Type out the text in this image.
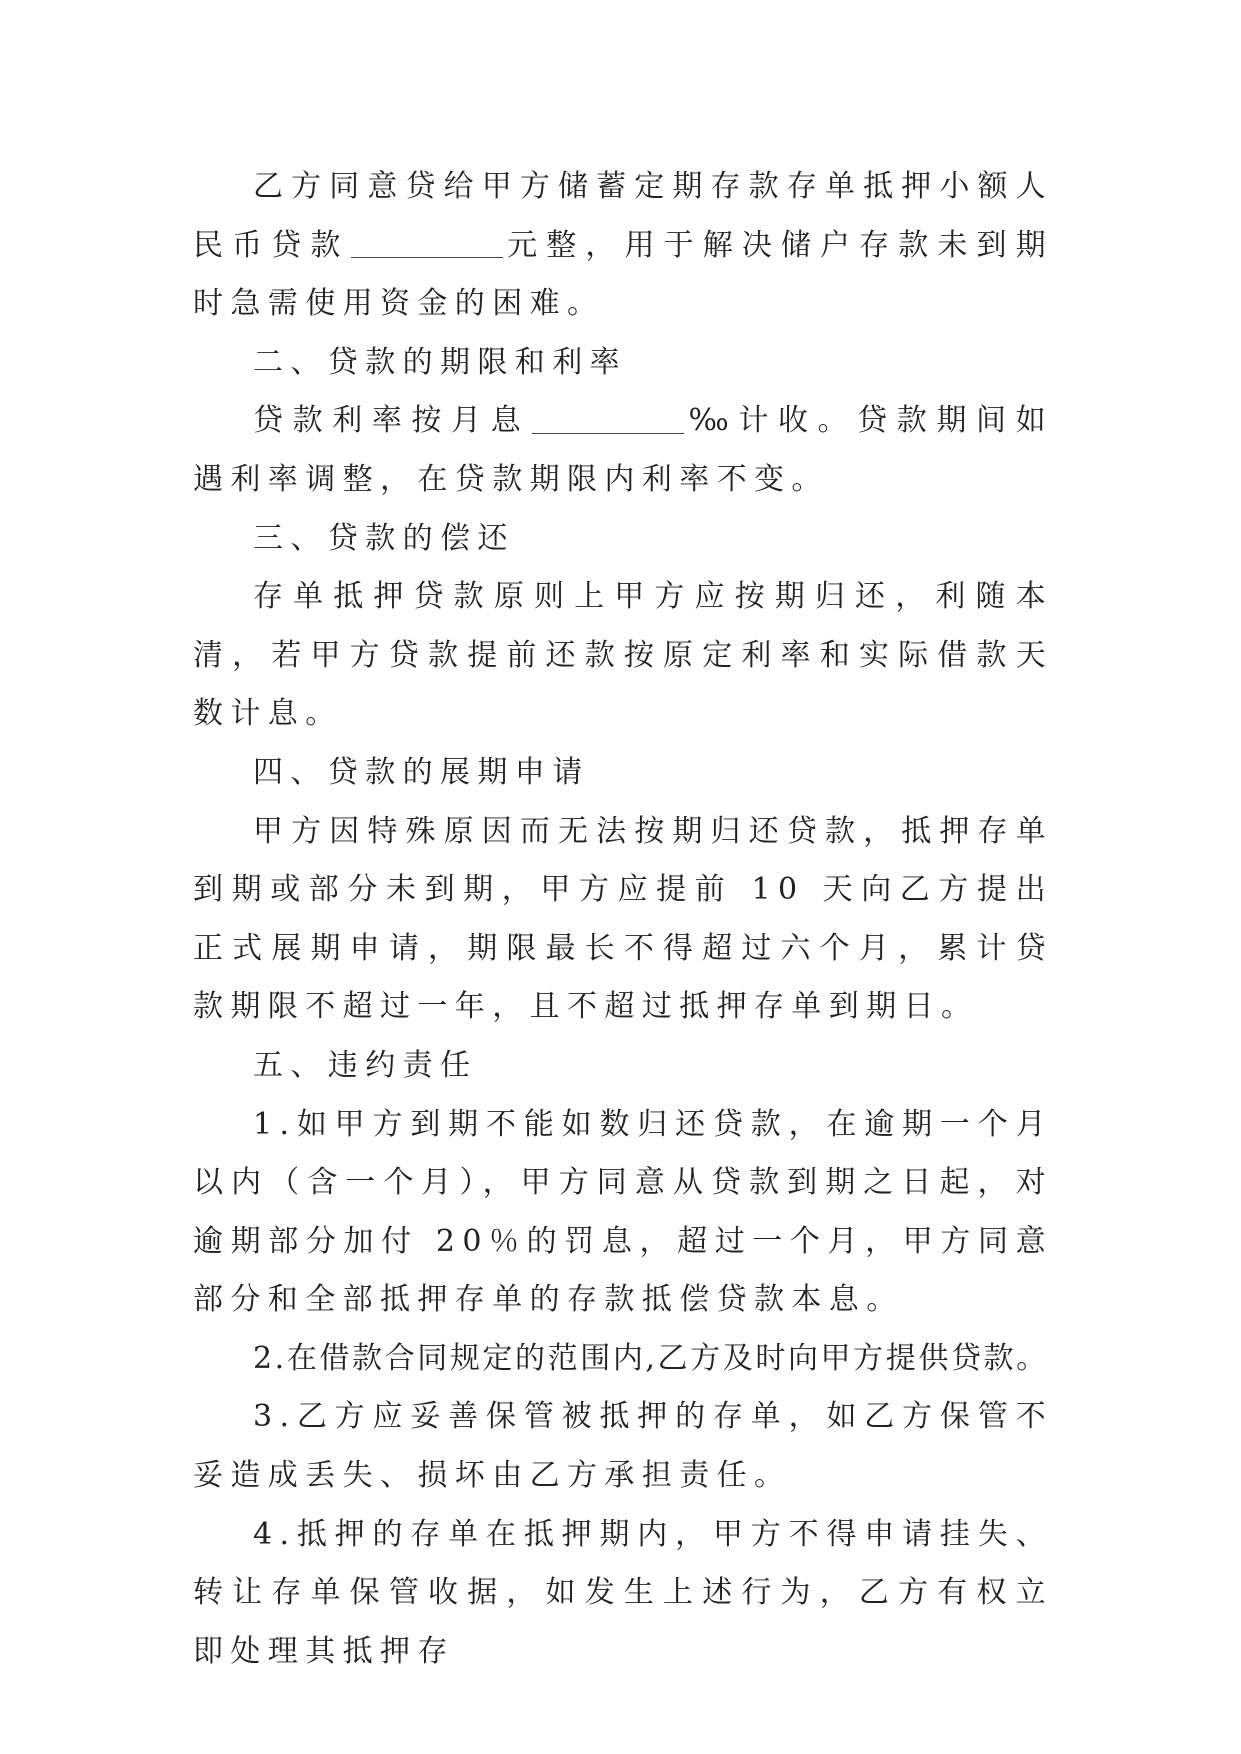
乙方同意贷给甲方储蓄定期存款存单抵押小额人民币贷款	元整，用于解决储户存款未到期时急需使用资金的困难。

二、贷款的期限和利率

贷款利率按月息	‰计收。贷款期间如遇利率调整，在贷款期限内利率不变。

三、贷款的偿还

存单抵押贷款原则上甲方应按期归还，利随本清，若甲方贷款提前还款按原定利率和实际借款天数计息。

四、贷款的展期申请

甲方因特殊原因而无法按期归还贷款，抵押存单到期或部分未到期，甲方应提前 10 天向乙方提出正式展期申请，期限最长不得超过六个月，累计贷款期限不超过一年，且不超过抵押存单到期日。

五、违约责任

1.如甲方到期不能如数归还贷款，在逾期一个月以内（含一个月），甲方同意从贷款到期之日起，对逾期部分加付 20％的罚息，超过一个月，甲方同意部分和全部抵押存单的存款抵偿贷款本息。

2.在借款合同规定的范围内,乙方及时向甲方提供贷款。

3.乙方应妥善保管被抵押的存单，如乙方保管不妥造成丢失、损坏由乙方承担责任。

4.抵押的存单在抵押期内，甲方不得申请挂失、转让存单保管收据，如发生上述行为，乙方有权立即处理其抵押存
